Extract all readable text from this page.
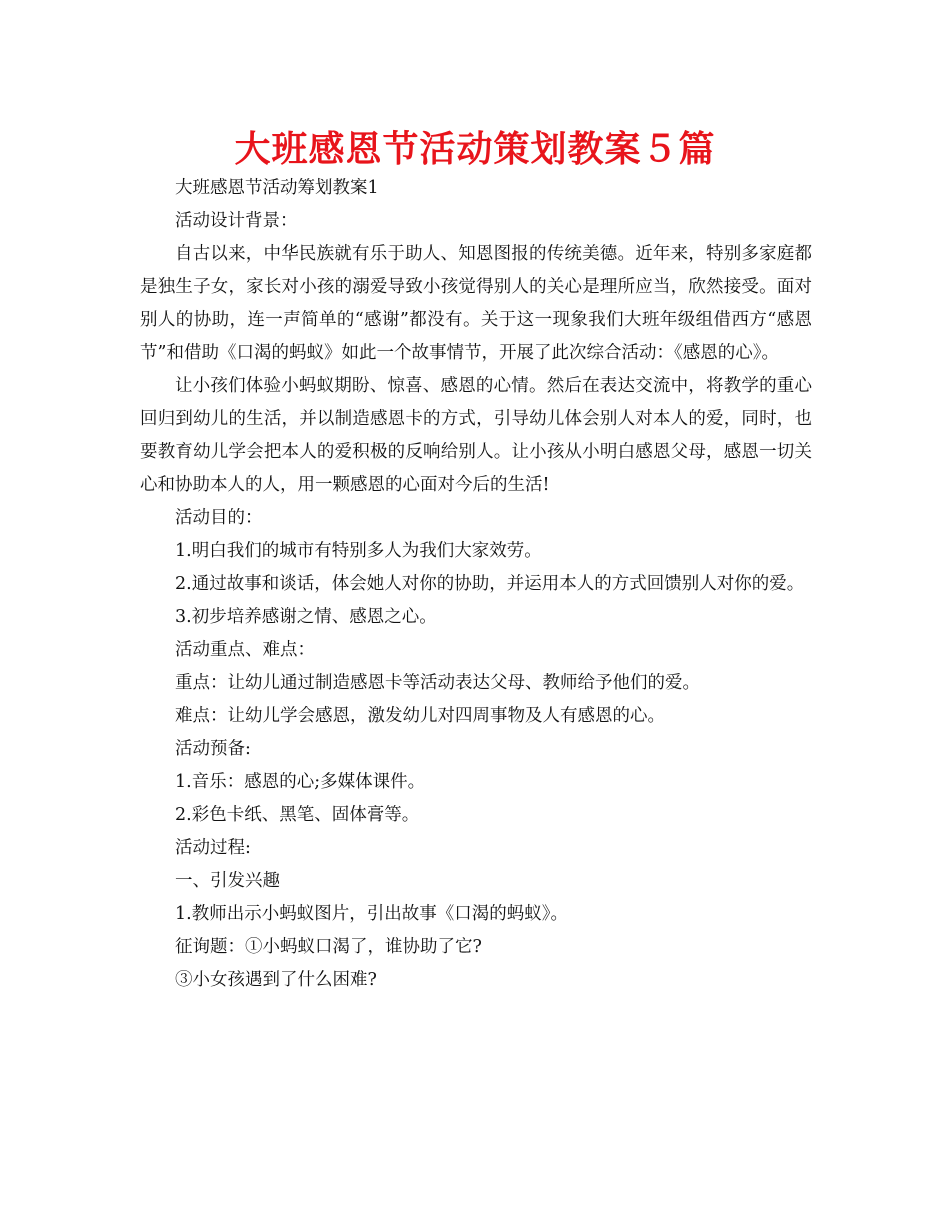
大班感恩节活动策划教案５篇

大班感恩节活动筹划教案1

活动设计背景：

自古以来，中华民族就有乐于助人、知恩图报的传统美德。近年来，特别多家庭都是独生子女，家长对小孩的溺爱导致小孩觉得别人的关心是理所应当，欣然接受。面对别人的协助，连一声简单的“感谢”都没有。关于这一现象我们大班年级组借西方“感恩节”和借助《口渴的蚂蚁》如此一个故事情节，开展了此次综合活动：《感恩的心》。

让小孩们体验小蚂蚁期盼、惊喜、感恩的心情。然后在表达交流中，将教学的重心回归到幼儿的生活，并以制造感恩卡的方式，引导幼儿体会别人对本人的爱，同时，也要教育幼儿学会把本人的爱积极的反响给别人。让小孩从小明白感恩父母，感恩一切关心和协助本人的人，用一颗感恩的心面对今后的生活!

活动目的：

1.明白我们的城市有特别多人为我们大家效劳。

2.通过故事和谈话，体会她人对你的协助，并运用本人的方式回馈别人对你的爱。

3.初步培养感谢之情、感恩之心。

活动重点、难点：

重点：让幼儿通过制造感恩卡等活动表达父母、教师给予他们的爱。

难点：让幼儿学会感恩，激发幼儿对四周事物及人有感恩的心。

活动预备:

1.音乐：感恩的心;多媒体课件。

2.彩色卡纸、黑笔、固体膏等。

活动过程:

一、引发兴趣

1.教师出示小蚂蚁图片，引出故事《口渴的蚂蚁》。

征询题：①小蚂蚁口渴了，谁协助了它?

③小女孩遇到了什么困难?
